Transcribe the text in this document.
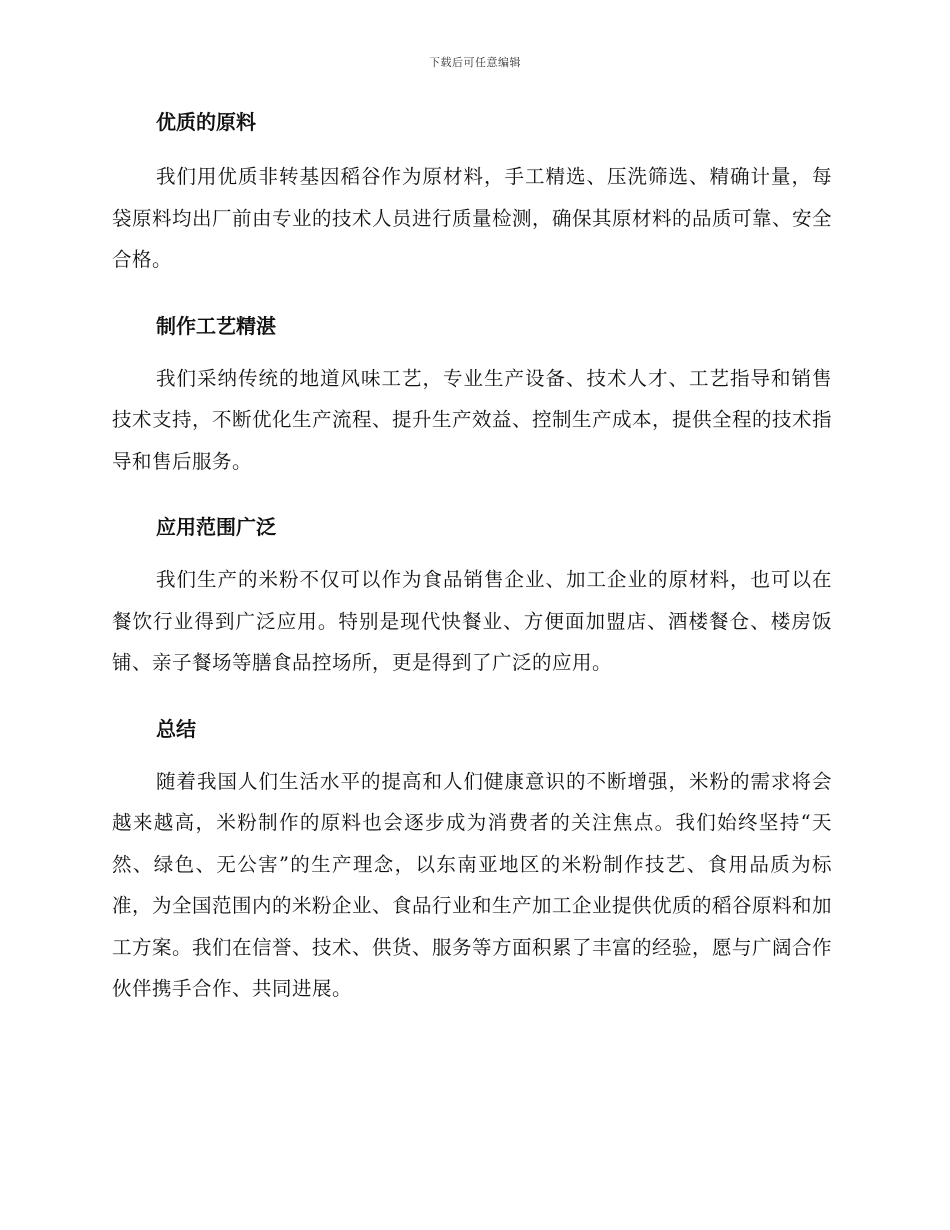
下载后可任意编辑
优质的原料

我们用优质非转基因稻谷作为原材料，手工精选、压洗筛选、精确计量，每袋原料均出厂前由专业的技术人员进行质量检测，确保其原材料的品质可靠、安全合格。

制作工艺精湛

我们采纳传统的地道风味工艺，专业生产设备、技术人才、工艺指导和销售技术支持，不断优化生产流程、提升生产效益、控制生产成本，提供全程的技术指导和售后服务。

应用范围广泛

我们生产的米粉不仅可以作为食品销售企业、加工企业的原材料，也可以在餐饮行业得到广泛应用。特别是现代快餐业、方便面加盟店、酒楼餐仓、楼房饭铺、亲子餐场等膳食品控场所，更是得到了广泛的应用。

总结

随着我国人们生活水平的提高和人们健康意识的不断增强，米粉的需求将会越来越高，米粉制作的原料也会逐步成为消费者的关注焦点。我们始终坚持“天然、绿色、无公害”的生产理念，以东南亚地区的米粉制作技艺、食用品质为标准，为全国范围内的米粉企业、食品行业和生产加工企业提供优质的稻谷原料和加工方案。我们在信誉、技术、供货、服务等方面积累了丰富的经验，愿与广阔合作伙伴携手合作、共同进展。
